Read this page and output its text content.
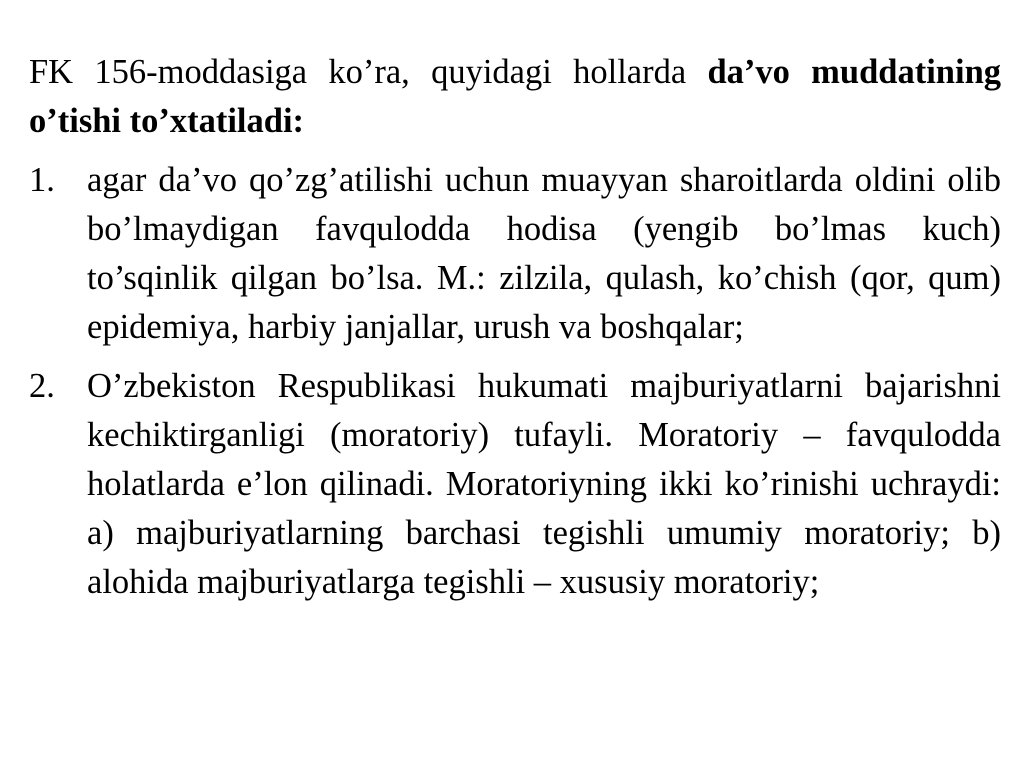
FK 156-moddasiga ko’ra, quyidagi hollarda da’vo muddatining o’tishi to’xtatiladi:

1. agar da’vo qo’zg’atilishi uchun muayyan sharoitlarda oldini olib bo’lmaydigan favqulodda hodisa (yengib bo’lmas kuch) to’sqinlik qilgan bo’lsa. M.: zilzila, qulash, ko’chish (qor, qum) epidemiya, harbiy janjallar, urush va boshqalar;
2. O’zbekiston Respublikasi hukumati majburiyatlarni bajarishni kechiktirganligi (moratoriy) tufayli. Moratoriy – favqulodda holatlarda e’lon qilinadi. Moratoriyning ikki ko’rinishi uchraydi: a) majburiyatlarning barchasi tegishli umumiy moratoriy; b) alohida majburiyatlarga tegishli – xususiy moratoriy;
